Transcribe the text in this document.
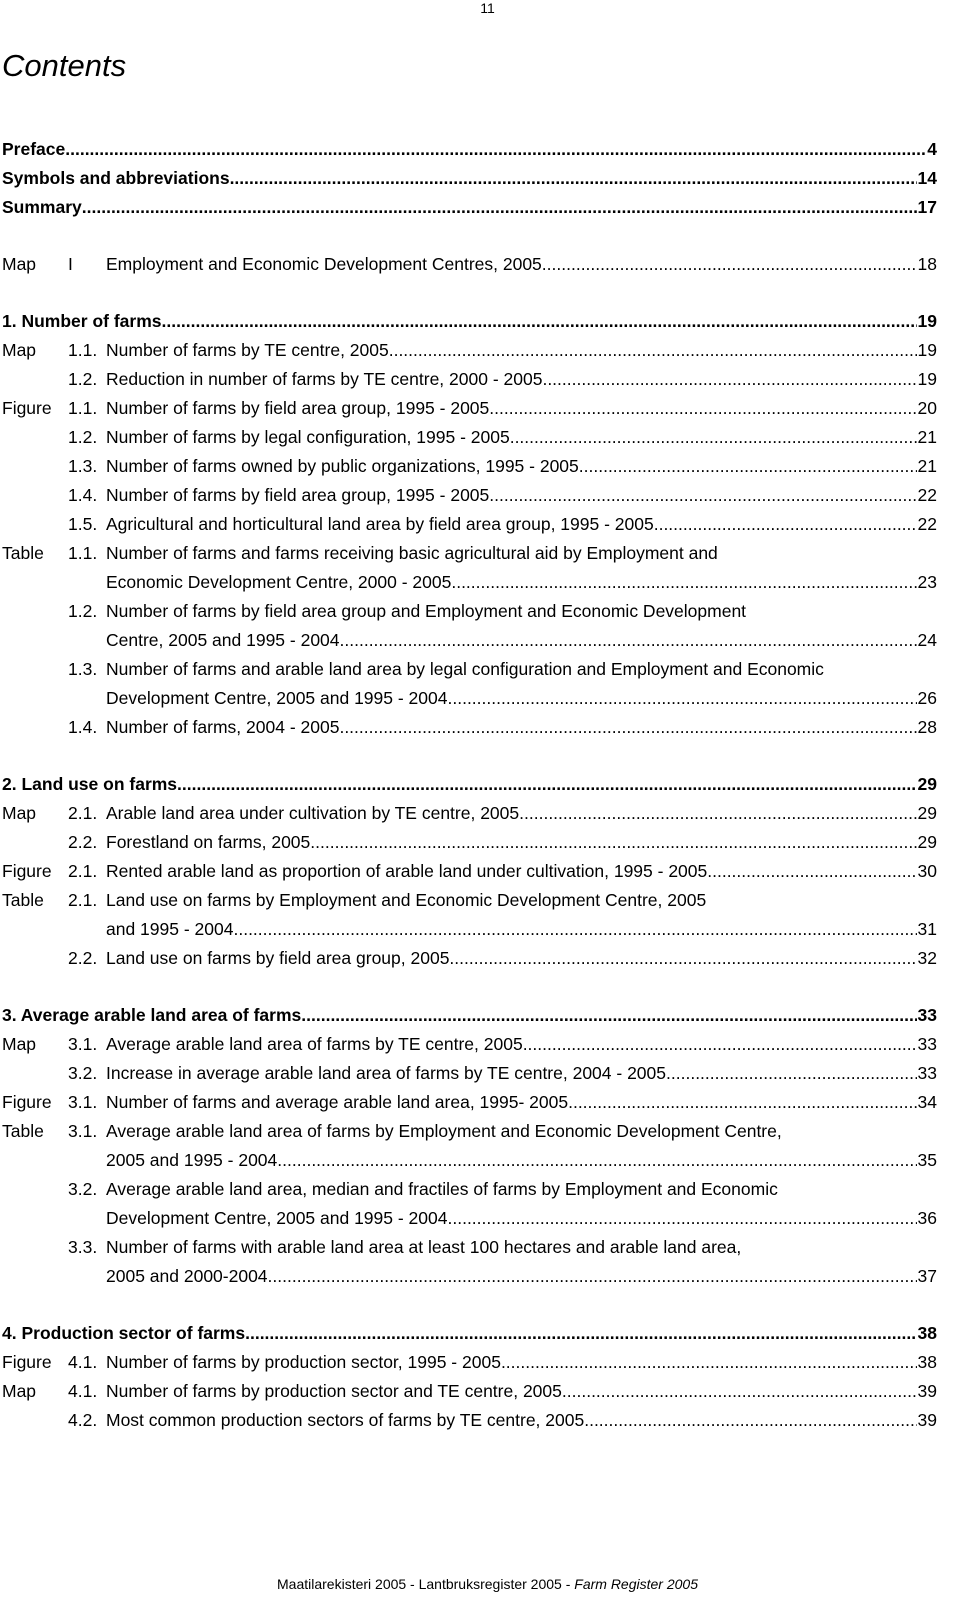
11
Contents
Preface .....	4
Symbols and abbreviations .....	14
Summary .....	17
Map	I	Employment and Economic Development Centres, 2005 .....	18
1. Number of farms .....	19
Map	1.1. Number of farms by TE centre, 2005 .....	19
1.2. Reduction in number of farms by TE centre, 2000 - 2005 .....	19
Figure 1.1. Number of farms by field area group, 1995 - 2005 .....	20
1.2. Number of farms by legal configuration, 1995 - 2005 .....	21
1.3. Number of farms owned by public organizations, 1995 - 2005 .....	21
1.4. Number of farms by field area group, 1995 - 2005 .....	22
1.5. Agricultural and horticultural land area by field area group, 1995 - 2005 .....	22
Table	1.1. Number of farms and farms receiving basic agricultural aid by Employment and
Economic Development Centre, 2000 - 2005 .....	23
1.2. Number of farms by field area group and Employment and Economic Development
Centre, 2005 and 1995 - 2004 .....	24
1.3. Number of farms and arable land area by legal configuration and Employment and Economic
Development Centre, 2005 and 1995 - 2004 .....	26
1.4. Number of farms, 2004 - 2005 .....	28
2. Land use on farms .....	29
Map	2.1. Arable land area under cultivation by TE centre, 2005 .....	29
2.2. Forestland on farms, 2005 .....	29
Figure 2.1. Rented arable land as proportion of arable land under cultivation, 1995 - 2005 .....	30
Table	2.1. Land use on farms by Employment and Economic Development Centre, 2005
and 1995 - 2004 .....	31
2.2. Land use on farms by field area group, 2005 .....	32
3. Average arable land area of farms .....	33
Map	3.1. Average arable land area of farms by TE centre, 2005 .....	33
3.2. Increase in average arable land area of farms by TE centre, 2004 - 2005 .....	33
Figure 3.1. Number of farms and average arable land area, 1995- 2005 .....	34
Table	3.1. Average arable land area of farms by Employment and Economic Development Centre,
2005 and 1995 - 2004 .....	35
3.2. Average arable land area, median and fractiles of farms by Employment and Economic
Development Centre, 2005 and 1995 - 2004 .....	36
3.3. Number of farms with arable land area at least 100 hectares and arable land area,
2005 and 2000-2004 .....	37
4. Production sector of farms .....	38
Figure 4.1. Number of farms by production sector, 1995 - 2005 .....	38
Map	4.1. Number of farms by production sector and TE centre, 2005 .....	39
4.2. Most common production sectors of farms by TE centre, 2005 .....	39
Maatilarekisteri 2005 - Lantbruksregister 2005 - Farm Register 2005
